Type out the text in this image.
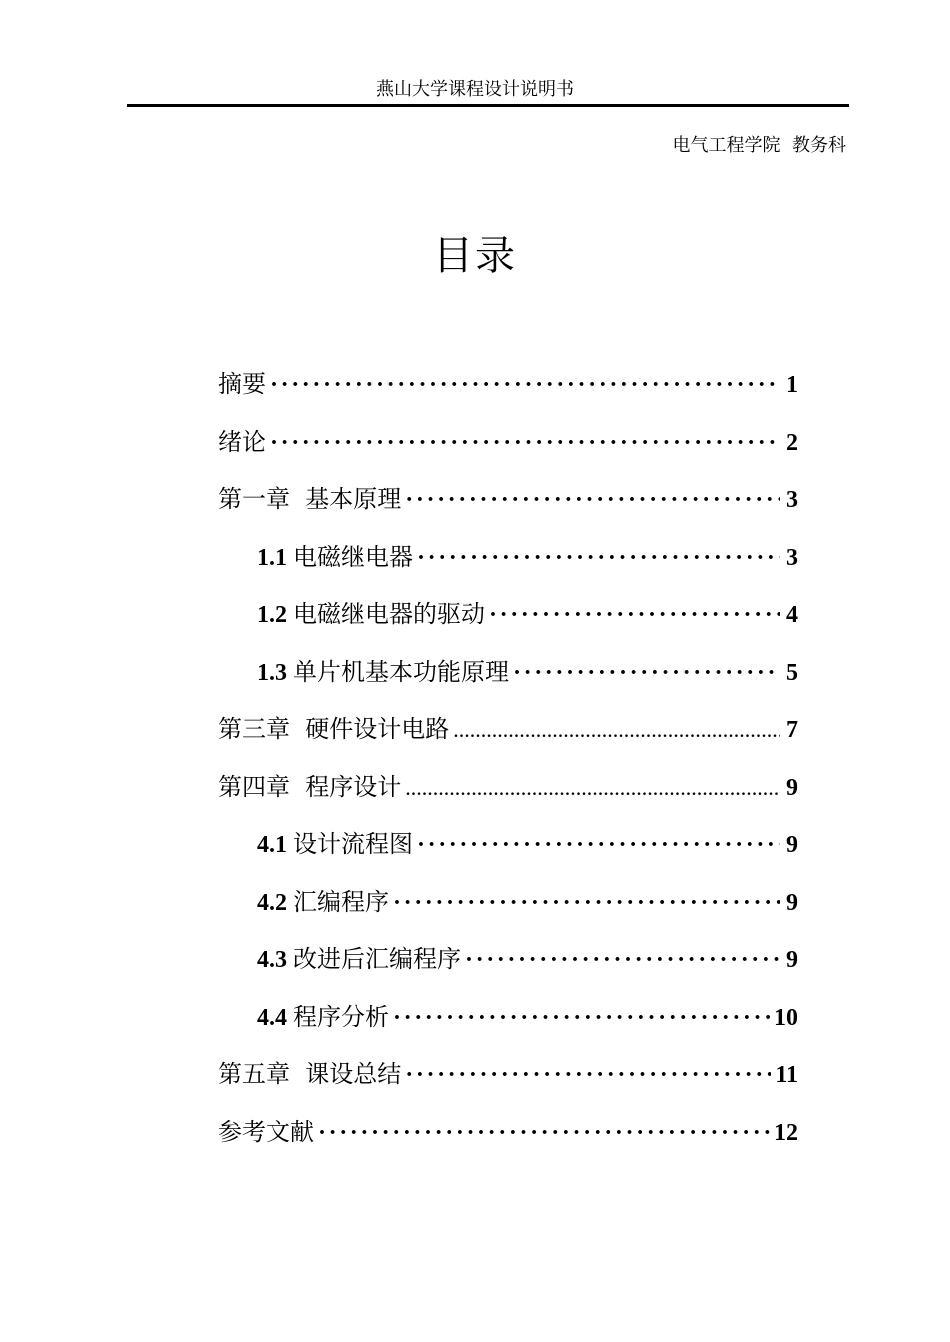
燕山大学课程设计说明书
电气工程学院  教务科
目录
摘要 ·····	1
绪论 ·····	2
第一章  基本原理 ·····	3
1.1 电磁继电器 ·····	3
1.2 电磁继电器的驱动 ·····	4
1.3 单片机基本功能原理 ·····	5
第三章  硬件设计电路 .....	7
第四章  程序设计 .....	9
4.1 设计流程图 ·····	9
4.2 汇编程序 ·····	9
4.3 改进后汇编程序 ·····	9
4.4 程序分析 ·····	10
第五章  课设总结 ·····	11
参考文献 ·····	12
